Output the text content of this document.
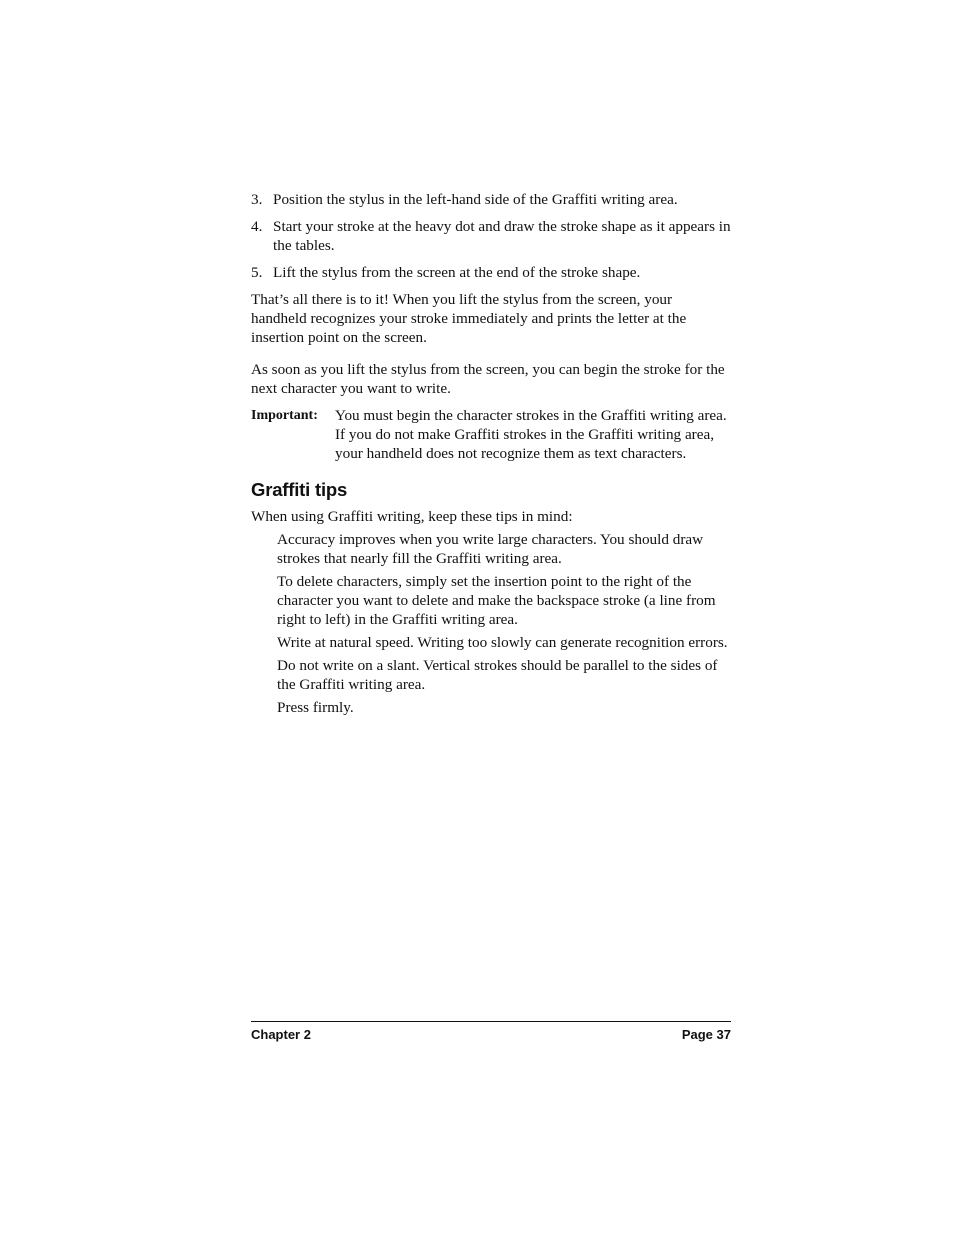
3. Position the stylus in the left-hand side of the Graffiti writing area.
4. Start your stroke at the heavy dot and draw the stroke shape as it appears in the tables.
5. Lift the stylus from the screen at the end of the stroke shape.

That’s all there is to it! When you lift the stylus from the screen, your handheld recognizes your stroke immediately and prints the letter at the insertion point on the screen.

As soon as you lift the stylus from the screen, you can begin the stroke for the next character you want to write.

Important:	You must begin the character strokes in the Graffiti writing area. If you do not make Graffiti strokes in the Graffiti writing area, your handheld does not recognize them as text characters.
Graffiti tips

When using Graffiti writing, keep these tips in mind:

Accuracy improves when you write large characters. You should draw strokes that nearly fill the Graffiti writing area.
To delete characters, simply set the insertion point to the right of the character you want to delete and make the backspace stroke (a line from right to left) in the Graffiti writing area.
Write at natural speed. Writing too slowly can generate recognition errors.
Do not write on a slant. Vertical strokes should be parallel to the sides of the Graffiti writing area.
Press firmly.
Chapter 2	Page 37
